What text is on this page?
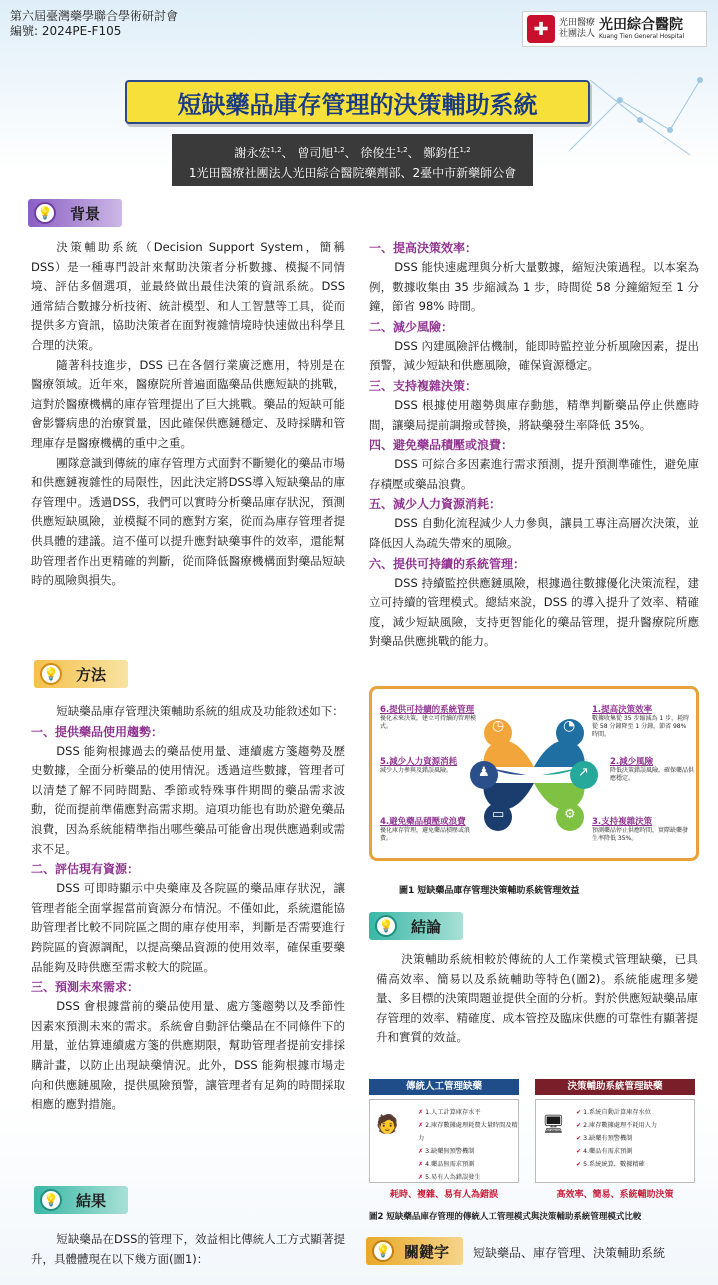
第六屆臺灣藥學聯合學術研討會
編號: 2024PE-F105	✚	光田醫療
社團法人
光田綜合醫院
Kuang Tien General Hospital
短缺藥品庫存管理的決策輔助系統
謝永宏$^{1,2}$、 曾司旭$^{1,2}$、 徐俊生$^{1,2}$、 鄭鈞任$^{1,2}$
1光田醫療社團法人光田綜合醫院藥劑部、2臺中市新藥師公會
💡 背景

決策輔助系統（Decision Support System，簡稱DSS）是一種專門設計來幫助決策者分析數據、模擬不同情境、評估多個選項，並最終做出最佳決策的資訊系統。DSS 通常結合數據分析技術、統計模型、和人工智慧等工具，從而提供多方資訊，協助決策者在面對複雜情境時快速做出科學且合理的決策。

隨著科技進步，DSS 已在各個行業廣泛應用，特別是在醫療領域。近年來，醫療院所普遍面臨藥品供應短缺的挑戰，這對於醫療機構的庫存管理提出了巨大挑戰。藥品的短缺可能會影響病患的治療質量，因此確保供應鏈穩定、及時採購和管理庫存是醫療機構的重中之重。

團隊意識到傳統的庫存管理方式面對不斷變化的藥品市場和供應鏈複雜性的局限性，因此決定將DSS導入短缺藥品的庫存管理中。透過DSS，我們可以實時分析藥品庫存狀況，預測供應短缺風險，並模擬不同的應對方案，從而為庫存管理者提供具體的建議。這不僅可以提升應對缺藥事件的效率，還能幫助管理者作出更精確的判斷，從而降低醫療機構面對藥品短缺時的風險與損失。

💡 方法

短缺藥品庫存管理決策輔助系統的組成及功能敘述如下：

一、提供藥品使用趨勢：

DSS 能夠根據過去的藥品使用量、連續處方箋趨勢及歷史數據，全面分析藥品的使用情況。透過這些數據，管理者可以清楚了解不同時間點、季節或特殊事件期間的藥品需求波動，從而提前準備應對高需求期。這項功能也有助於避免藥品浪費，因為系統能精準指出哪些藥品可能會出現供應過剩或需求不足。

二、評估現有資源：

DSS 可即時顯示中央藥庫及各院區的藥品庫存狀況，讓管理者能全面掌握當前資源分布情況。不僅如此，系統還能協助管理者比較不同院區之間的庫存使用率，判斷是否需要進行跨院區的資源調配，以提高藥品資源的使用效率，確保重要藥品能夠及時供應至需求較大的院區。

三、預測未來需求：

DSS 會根據當前的藥品使用量、處方箋趨勢以及季節性因素來預測未來的需求。系統會自動評估藥品在不同條件下的用量，並估算連續處方箋的供應期限，幫助管理者提前安排採購計畫，以防止出現缺藥情況。此外，DSS 能夠根據市場走向和供應鏈風險，提供風險預警，讓管理者有足夠的時間採取相應的應對措施。

💡 結果

短缺藥品在DSS的管理下，效益相比傳統人工方式顯著提升，具體體現在以下幾方面(圖1)：

一、提高決策效率：

DSS 能快速處理與分析大量數據，縮短決策過程。以本案為例，數據收集由 35 步縮減為 1 步，時間從 58 分鐘縮短至 1 分鐘，節省 98% 時間。

二、減少風險：

DSS 內建風險評估機制，能即時監控並分析風險因素，提出預警，減少短缺和供應風險，確保資源穩定。

三、支持複雜決策：

DSS 根據使用趨勢與庫存動態，精準判斷藥品停止供應時間，讓藥局提前調撥或替換，將缺藥發生率降低 35%。

四、避免藥品積壓或浪費：

DSS 可綜合多因素進行需求預測，提升預測準確性，避免庫存積壓或藥品浪費。

五、減少人力資源消耗：

DSS 自動化流程減少人力參與，讓員工專注高層次決策，並降低因人為疏失帶來的風險。

六、提供可持續的系統管理：

DSS 持續監控供應鏈風險，根據過往數據優化決策流程，建立可持續的管理模式。總結來說，DSS 的導入提升了效率、精確度，減少短缺風險，支持更智能化的藥品管理，提升醫療院所應對藥品供應挑戰的能力。

◷	◔
♟	↗
▭	⚙
6.提供可持續的系統管理
優化未來決策，建立可持續的管理模式。
5.減少人力資源消耗
減少人力參與及錯誤風險。
4.避免藥品積壓或浪費
優化庫存管理，避免藥品積壓或浪費。
1.提高決策效率
數據收集從 35 步縮減為 1 步，耗時從 58 分鐘降至 1 分鐘，節省 98% 時間。
2.減少風險
降低決策錯誤風險，確保藥品供應穩定。
3.支持複雜決策
預測藥品停止供應時間，實際缺藥發生率降低 35%。
圖1 短缺藥品庫存管理決策輔助系統管理效益
💡 結論

決策輔助系統相較於傳統的人工作業模式管理缺藥，已具備高效率、簡易以及系統輔助等特色(圖2)。系統能處理多變量、多目標的決策問題並提供全面的分析。對於供應短缺藥品庫存管理的效率、精確度、成本管控及臨床供應的可靠性有顯著提升和實質的效益。

傳統人工管理缺藥	決策輔助系統管理缺藥
🧑
✗ 1.人工計算庫存水平
✗ 2.庫存數據處理耗費大量時間及精力
✗ 3.缺藥無預警機制
✗ 4.藥品無需求預測
✗ 5.易有人為錯誤發生
🖥
✔ 1.系統自動計算庫存水位
✔ 2.庫存數據處理不耗用人力
✔ 3.缺藥有預警機制
✔ 4.藥品有需求預測
✔ 5.系統統算，數據精確
耗時、複雜、易有人為錯誤	高效率、簡易、系統輔助決策
圖2 短缺藥品庫存管理的傳統人工管理模式與決策輔助系統管理模式比較
💡 關鍵字 短缺藥品、庫存管理、決策輔助系統
